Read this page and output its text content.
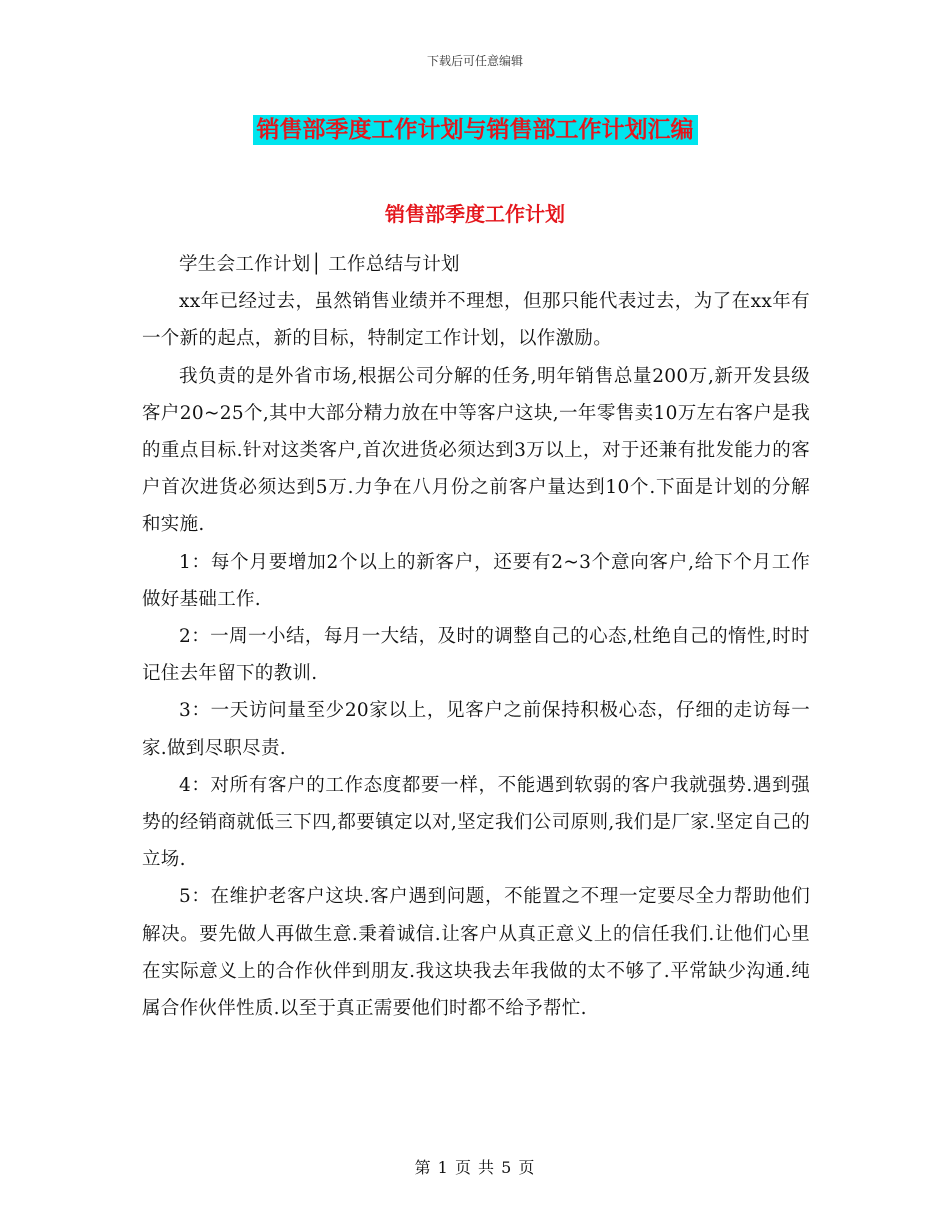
下载后可任意编辑
销售部季度工作计划与销售部工作计划汇编
销售部季度工作计划

学生会工作计划│ 工作总结与计划

xx年已经过去，虽然销售业绩并不理想，但那只能代表过去，为了在xx年有一个新的起点，新的目标，特制定工作计划，以作激励。

我负责的是外省市场,根据公司分解的任务,明年销售总量200万,新开发县级客户20~25个,其中大部分精力放在中等客户这块,一年零售卖10万左右客户是我的重点目标.针对这类客户,首次进货必须达到3万以上，对于还兼有批发能力的客户首次进货必须达到5万.力争在八月份之前客户量达到10个.下面是计划的分解和实施.

1：每个月要增加2个以上的新客户，还要有2~3个意向客户,给下个月工作做好基础工作.

2：一周一小结，每月一大结，及时的调整自己的心态,杜绝自己的惰性,时时记住去年留下的教训.

3：一天访问量至少20家以上，见客户之前保持积极心态，仔细的走访每一家.做到尽职尽责.

4：对所有客户的工作态度都要一样，不能遇到软弱的客户我就强势.遇到强势的经销商就低三下四,都要镇定以对,坚定我们公司原则,我们是厂家.坚定自己的立场.

5：在维护老客户这块.客户遇到问题，不能置之不理一定要尽全力帮助他们解决。要先做人再做生意.秉着诚信.让客户从真正意义上的信任我们.让他们心里在实际意义上的合作伙伴到朋友.我这块我去年我做的太不够了.平常缺少沟通.纯属合作伙伴性质.以至于真正需要他们时都不给予帮忙.

第 1 页 共 5 页
